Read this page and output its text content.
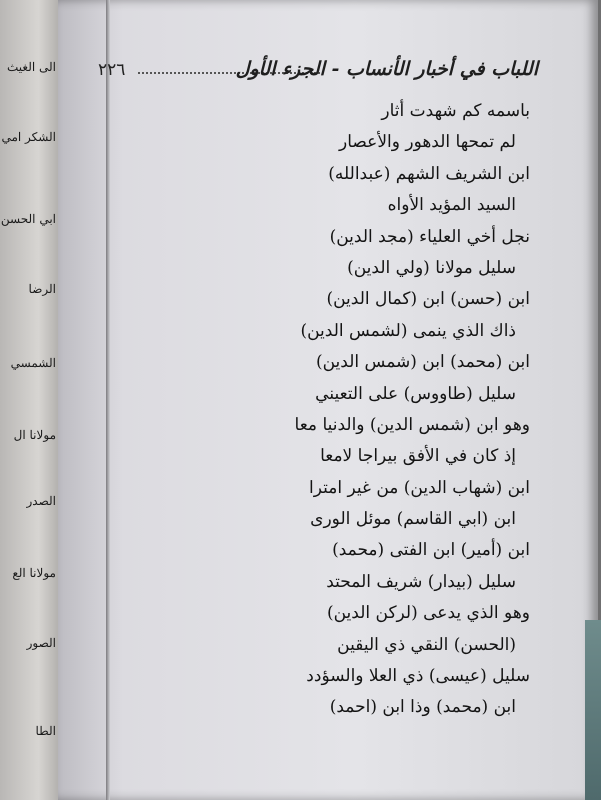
الى الغيث
الشكر امي
ابي الحسن
الرضا
الشمسي
مولانا ال
الصدر
مولانا الع
الصور
الطا
٢٢٦	اللباب في أخبار الأنساب - الجزء الأول
باسمه كم شهدت أثار
لم تمحها الدهور والأعصار
ابن الشريف الشهم (عبدالله)
السيد المؤيد الأواه
نجل أخي العلياء (مجد الدين)
سليل مولانا (ولي الدين)
ابن (حسن) ابن (كمال الدين)
ذاك الذي ينمى (لشمس الدين)
ابن (محمد) ابن (شمس الدين)
سليل (طاووس) على التعيني
وهو ابن (شمس الدين) والدنيا معا
إذ كان في الأفق بيراجا لامعا
ابن (شهاب الدين) من غير امترا
ابن (ابي القاسم) موئل الورى
ابن (أمير) ابن الفتى (محمد)
سليل (بيدار) شريف المحتد
وهو الذي يدعى (لركن الدين)
(الحسن) النقي ذي اليقين
سليل (عيسى) ذي العلا والسؤدد
ابن (محمد) وذا ابن (احمد)
